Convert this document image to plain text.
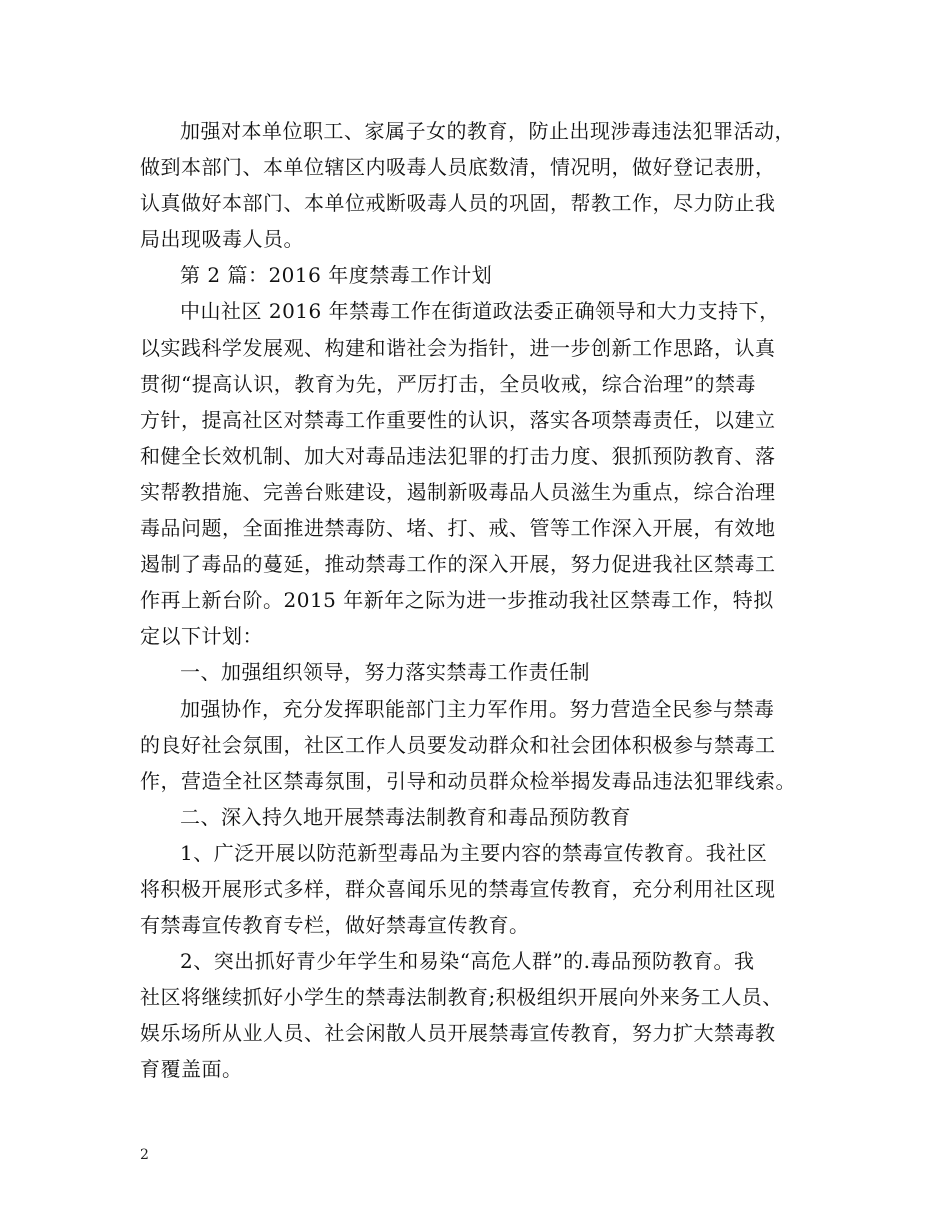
加强对本单位职工、家属子女的教育，防止出现涉毒违法犯罪活动，
做到本部门、本单位辖区内吸毒人员底数清，情况明，做好登记表册，
认真做好本部门、本单位戒断吸毒人员的巩固，帮教工作，尽力防止我
局出现吸毒人员。
第 2 篇：2016 年度禁毒工作计划
中山社区 2016 年禁毒工作在街道政法委正确领导和大力支持下，
以实践科学发展观、构建和谐社会为指针，进一步创新工作思路，认真
贯彻“提高认识，教育为先，严厉打击，全员收戒，综合治理”的禁毒
方针，提高社区对禁毒工作重要性的认识，落实各项禁毒责任，以建立
和健全长效机制、加大对毒品违法犯罪的打击力度、狠抓预防教育、落
实帮教措施、完善台账建设，遏制新吸毒品人员滋生为重点，综合治理
毒品问题，全面推进禁毒防、堵、打、戒、管等工作深入开展，有效地
遏制了毒品的蔓延，推动禁毒工作的深入开展，努力促进我社区禁毒工
作再上新台阶。2015 年新年之际为进一步推动我社区禁毒工作，特拟
定以下计划：
一、加强组织领导，努力落实禁毒工作责任制
加强协作，充分发挥职能部门主力军作用。努力营造全民参与禁毒
的良好社会氛围，社区工作人员要发动群众和社会团体积极参与禁毒工
作，营造全社区禁毒氛围，引导和动员群众检举揭发毒品违法犯罪线索。
二、深入持久地开展禁毒法制教育和毒品预防教育
1、广泛开展以防范新型毒品为主要内容的禁毒宣传教育。我社区
将积极开展形式多样，群众喜闻乐见的禁毒宣传教育，充分利用社区现
有禁毒宣传教育专栏，做好禁毒宣传教育。
2、突出抓好青少年学生和易染“高危人群”的.毒品预防教育。我
社区将继续抓好小学生的禁毒法制教育;积极组织开展向外来务工人员、
娱乐场所从业人员、社会闲散人员开展禁毒宣传教育，努力扩大禁毒教
育覆盖面。

2
